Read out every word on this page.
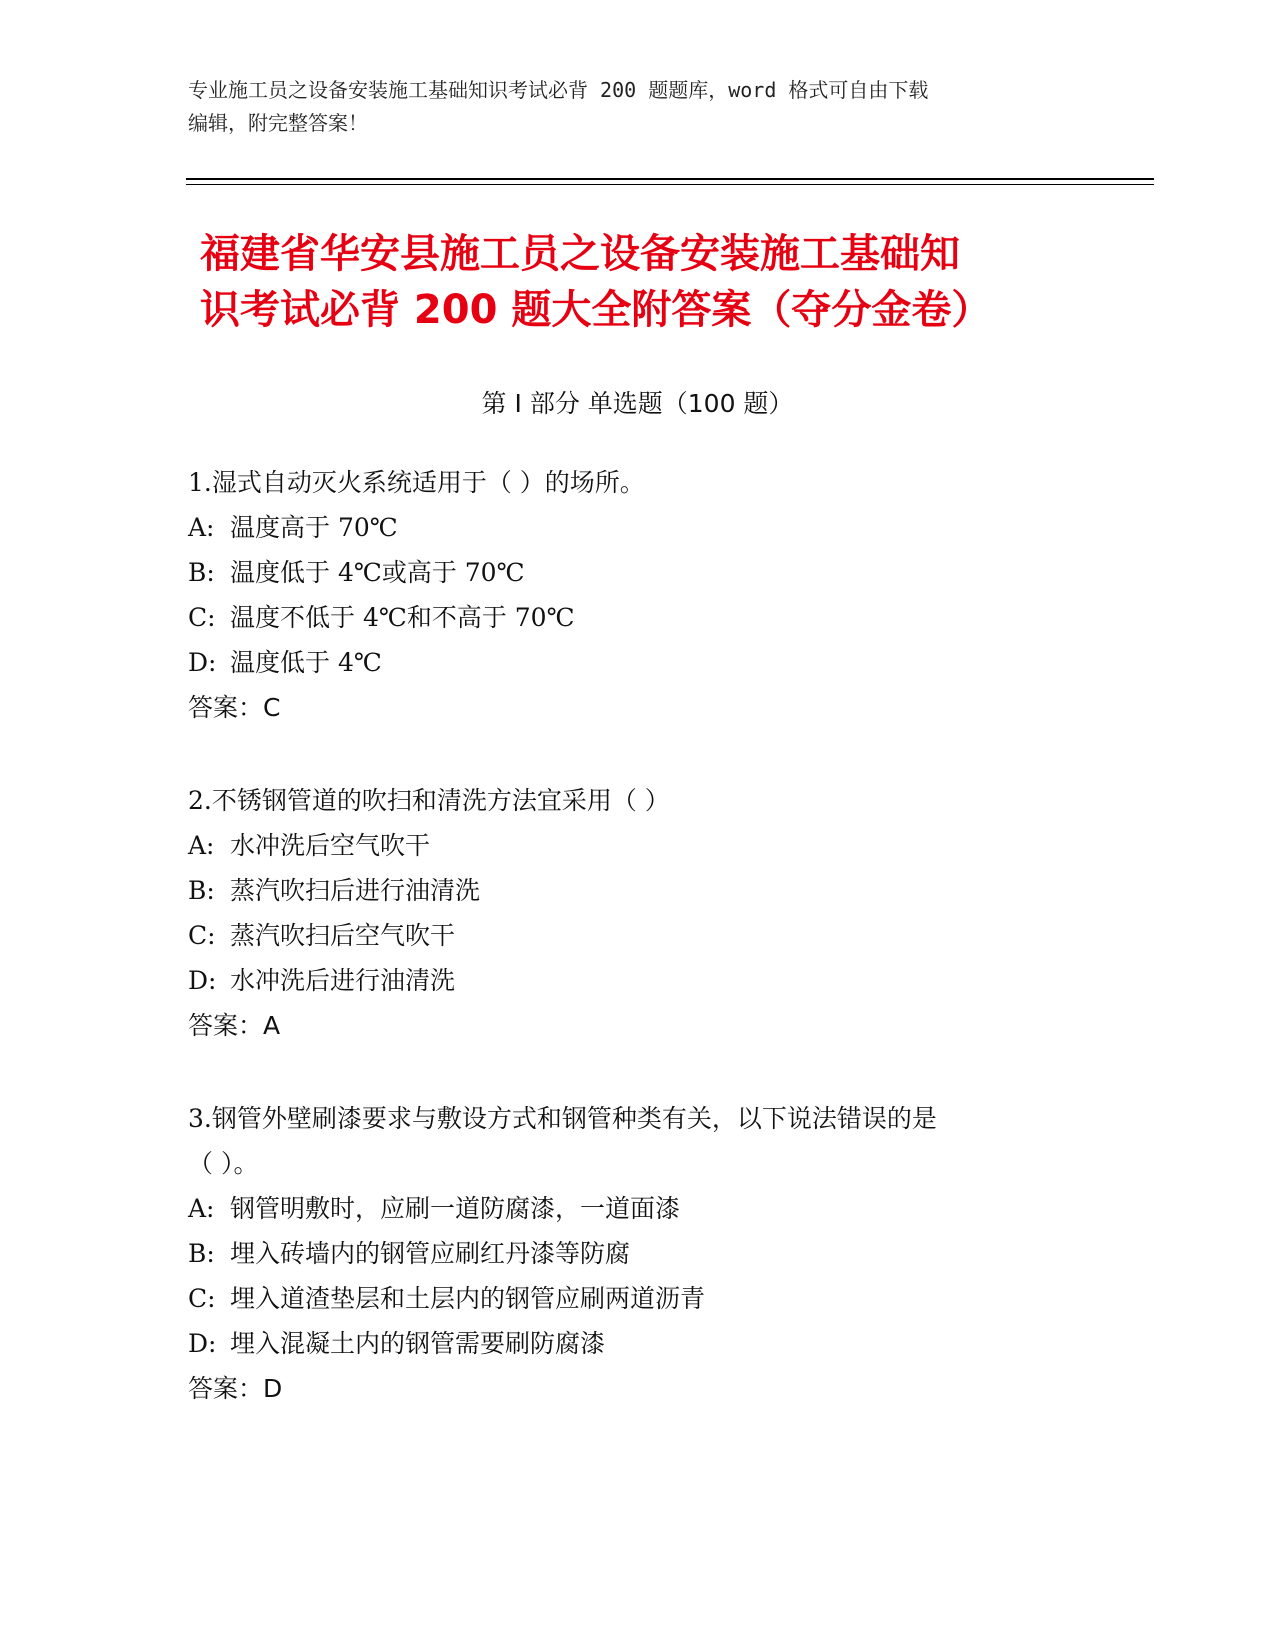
专业施工员之设备安装施工基础知识考试必背 200 题题库，word 格式可自由下载
编辑，附完整答案！
福建省华安县施工员之设备安装施工基础知
识考试必背 200 题大全附答案（夺分金卷）
第 I 部分 单选题（100 题）
1.湿式自动灭火系统适用于（ ）的场所。
A: 温度高于 70℃
B: 温度低于 4℃或高于 70℃
C: 温度不低于 4℃和不高于 70℃
D: 温度低于 4℃
答案：C
2.不锈钢管道的吹扫和清洗方法宜采用（ ）
A: 水冲洗后空气吹干
B: 蒸汽吹扫后进行油清洗
C: 蒸汽吹扫后空气吹干
D: 水冲洗后进行油清洗
答案：A
3.钢管外壁刷漆要求与敷设方式和钢管种类有关，以下说法错误的是
（ ）。
A: 钢管明敷时，应刷一道防腐漆，一道面漆
B: 埋入砖墙内的钢管应刷红丹漆等防腐
C: 埋入道渣垫层和土层内的钢管应刷两道沥青
D: 埋入混凝土内的钢管需要刷防腐漆
答案：D
